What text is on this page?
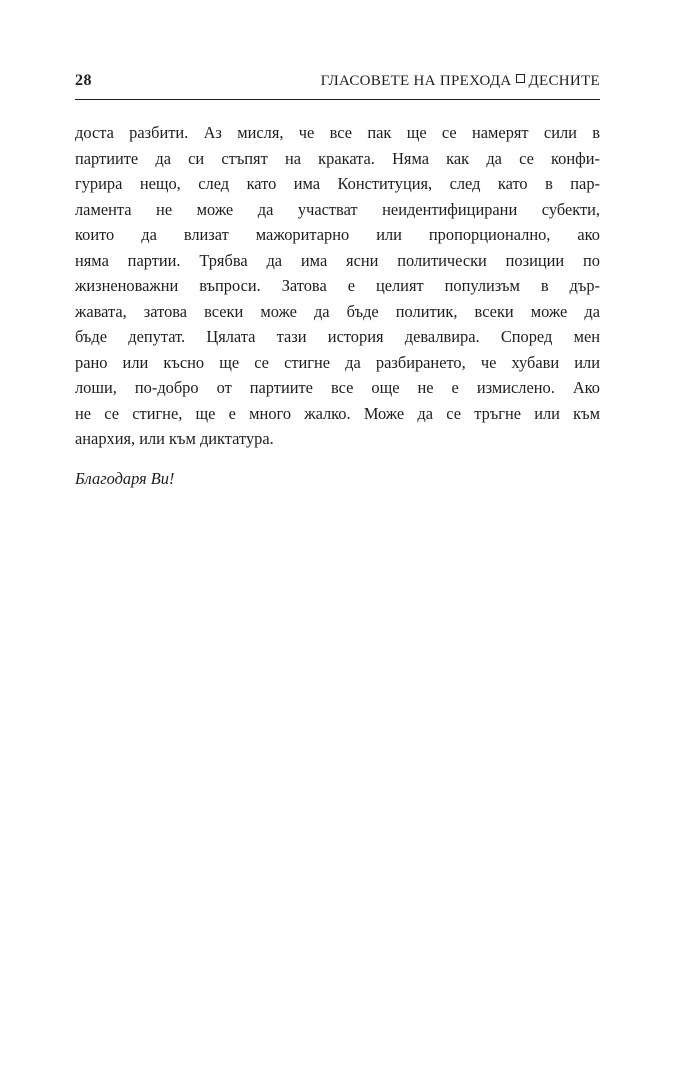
28	ГЛАСОВЕТЕ НА ПРЕХОДА ДЕСНИТЕ
доста разбити. Аз мисля, че все пак ще се намерят сили в
партиите да си стъпят на краката. Няма как да се конфи-
гурира нещо, след като има Конституция, след като в пар-
ламента не може да участват неидентифицирани субекти,
които да влизат мажоритарно или пропорционално, ако
няма партии. Трябва да има ясни политически позиции по
жизненоважни въпроси. Затова е целият популизъм в дър-
жавата, затова всеки може да бъде политик, всеки може да
бъде депутат. Цялата тази история девалвира. Според мен
рано или късно ще се стигне да разбирането, че хубави или
лоши, по-добро от партиите все още не е измислено. Ако
не се стигне, ще е много жалко. Може да се тръгне или към
анархия, или към диктатура.
Благодаря Ви!
